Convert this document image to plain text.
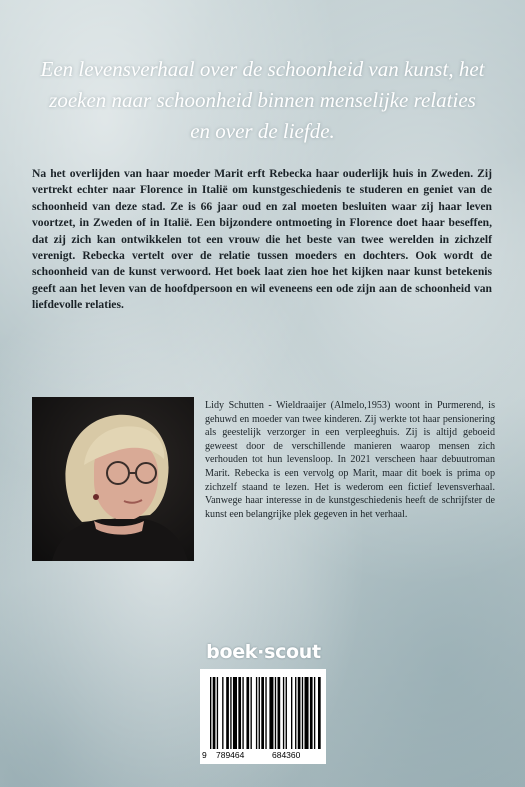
Een levensverhaal over de schoonheid van kunst, het zoeken naar schoonheid binnen menselijke relaties en over de liefde.

Na het overlijden van haar moeder Marit erft Rebecka haar ouderlijk huis in Zweden. Zij vertrekt echter naar Florence in Italië om kunstgeschiedenis te studeren en geniet van de schoonheid van deze stad. Ze is 66 jaar oud en zal moeten besluiten waar zij haar leven voortzet, in Zweden of in Italië. Een bijzondere ontmoeting in Florence doet haar beseffen, dat zij zich kan ontwikkelen tot een vrouw die het beste van twee werelden in zichzelf verenigt. Rebecka vertelt over de relatie tussen moeders en dochters. Ook wordt de schoonheid van de kunst verwoord. Het boek laat zien hoe het kijken naar kunst betekenis geeft aan het leven van de hoofdpersoon en wil eveneens een ode zijn aan de schoonheid van liefdevolle relaties.

Lidy Schutten - Wieldraaijer (Almelo,1953) woont in Purmerend, is gehuwd en moeder van twee kinderen. Zij werkte tot haar pensionering als geestelijk verzorger in een verpleeghuis. Zij is altijd geboeid geweest door de verschillende manieren waarop mensen zich verhouden tot hun levensloop. In 2021 verscheen haar debuutroman Marit. Rebecka is een vervolg op Marit, maar dit boek is prima op zichzelf staand te lezen. Het is wederom een fictief levensverhaal. Vanwege haar interesse in de kunstgeschiedenis heeft de schrijfster de kunst een belangrijke plek gegeven in het verhaal.

boek·scout
9 789464	684360
